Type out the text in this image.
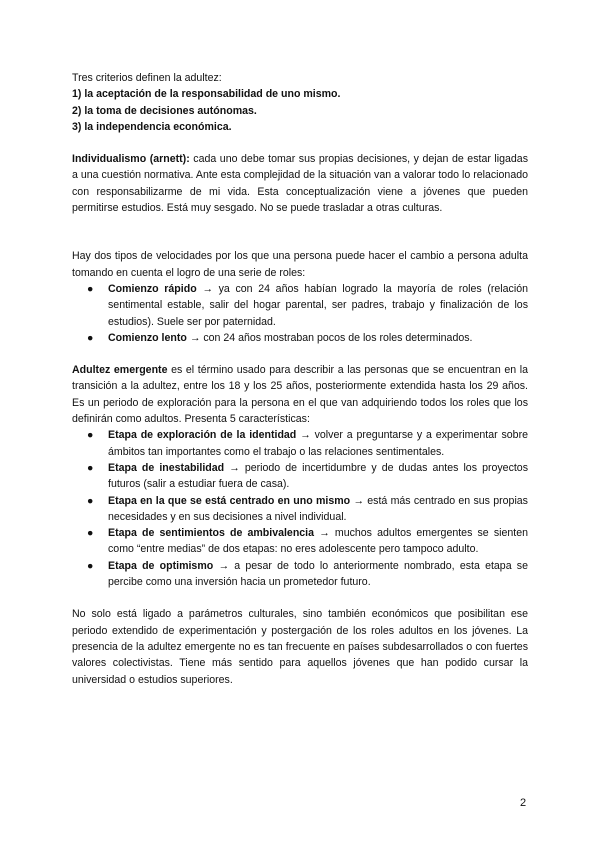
Tres criterios definen la adultez:

1) la aceptación de la responsabilidad de uno mismo.

2) la toma de decisiones autónomas.

3) la independencia económica.

Individualismo (arnett): cada uno debe tomar sus propias decisiones, y dejan de estar ligadas a una cuestión normativa. Ante esta complejidad de la situación van a valorar todo lo relacionado con responsabilizarme de mi vida. Esta conceptualización viene a jóvenes que pueden permitirse estudios. Está muy sesgado. No se puede trasladar a otras culturas.

Hay dos tipos de velocidades por los que una persona puede hacer el cambio a persona adulta tomando en cuenta el logro de una serie de roles:

● Comienzo rápido → ya con 24 años habían logrado la mayoría de roles (relación sentimental estable, salir del hogar parental, ser padres, trabajo y finalización de los estudios). Suele ser por paternidad.
● Comienzo lento → con 24 años mostraban pocos de los roles determinados.

Adultez emergente es el término usado para describir a las personas que se encuentran en la transición a la adultez, entre los 18 y los 25 años, posteriormente extendida hasta los 29 años. Es un periodo de exploración para la persona en el que van adquiriendo todos los roles que los definirán como adultos. Presenta 5 características:

● Etapa de exploración de la identidad → volver a preguntarse y a experimentar sobre ámbitos tan importantes como el trabajo o las relaciones sentimentales.
● Etapa de inestabilidad → periodo de incertidumbre y de dudas antes los proyectos futuros (salir a estudiar fuera de casa).
● Etapa en la que se está centrado en uno mismo → está más centrado en sus propias necesidades y en sus decisiones a nivel individual.
● Etapa de sentimientos de ambivalencia → muchos adultos emergentes se sienten como “entre medias” de dos etapas: no eres adolescente pero tampoco adulto.
● Etapa de optimismo → a pesar de todo lo anteriormente nombrado, esta etapa se percibe como una inversión hacia un prometedor futuro.

No solo está ligado a parámetros culturales, sino también económicos que posibilitan ese periodo extendido de experimentación y postergación de los roles adultos en los jóvenes. La presencia de la adultez emergente no es tan frecuente en países subdesarrollados o con fuertes valores colectivistas. Tiene más sentido para aquellos jóvenes que han podido cursar la universidad o estudios superiores.

2
